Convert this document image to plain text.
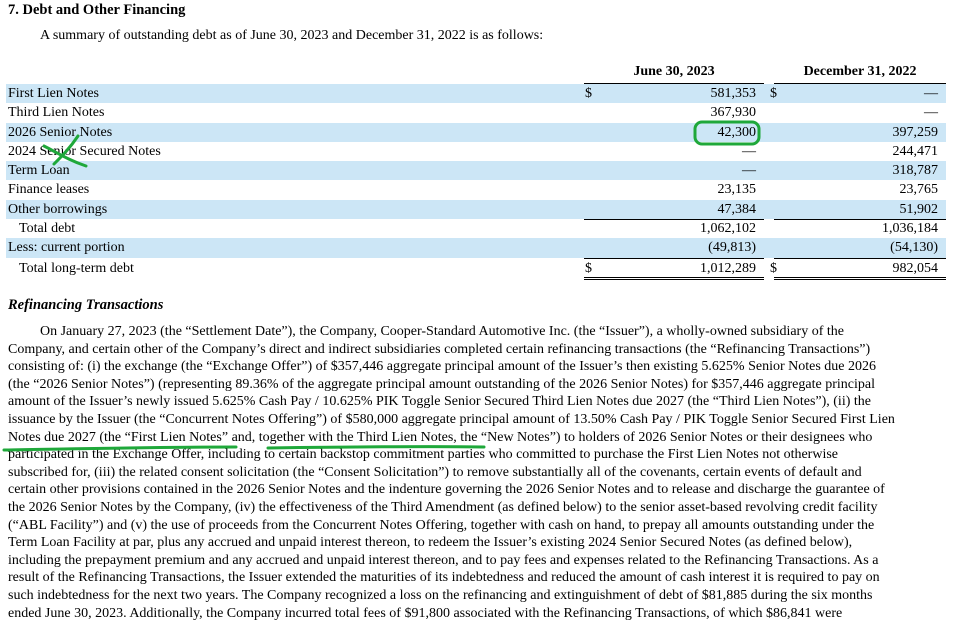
7. Debt and Other Financing
A summary of outstanding debt as of June 30, 2023 and December 31, 2022 is as follows:
June 30, 2023	December 31, 2022
First Lien Notes	$	581,353 $	—
Third Lien Notes	367,930	—
2026 Senior Notes	42,300	397,259
2024 Senior Secured Notes	—	244,471
Term Loan	—	318,787
Finance leases	23,135	23,765
Other borrowings	47,384	51,902
Total debt	1,062,102	1,036,184
Less: current portion	(49,813)	(54,130)
Total long-term debt	$	1,012,289 $	982,054
Refinancing Transactions
On January 27, 2023 (the “Settlement Date”), the Company, Cooper-Standard Automotive Inc. (the “Issuer”), a wholly-owned subsidiary of the
Company, and certain other of the Company’s direct and indirect subsidiaries completed certain refinancing transactions (the “Refinancing Transactions”)
consisting of: (i) the exchange (the “Exchange Offer”) of $357,446 aggregate principal amount of the Issuer’s then existing 5.625% Senior Notes due 2026
(the “2026 Senior Notes”) (representing 89.36% of the aggregate principal amount outstanding of the 2026 Senior Notes) for $357,446 aggregate principal
amount of the Issuer’s newly issued 5.625% Cash Pay / 10.625% PIK Toggle Senior Secured Third Lien Notes due 2027 (the “Third Lien Notes”), (ii) the
issuance by the Issuer (the “Concurrent Notes Offering”) of $580,000 aggregate principal amount of 13.50% Cash Pay / PIK Toggle Senior Secured First Lien
Notes due 2027 (the “First Lien Notes” and, together with the Third Lien Notes, the “New Notes”) to holders of 2026 Senior Notes or their designees who
participated in the Exchange Offer, including to certain backstop commitment parties who committed to purchase the First Lien Notes not otherwise
subscribed for, (iii) the related consent solicitation (the “Consent Solicitation”) to remove substantially all of the covenants, certain events of default and
certain other provisions contained in the 2026 Senior Notes and the indenture governing the 2026 Senior Notes and to release and discharge the guarantee of
the 2026 Senior Notes by the Company, (iv) the effectiveness of the Third Amendment (as defined below) to the senior asset-based revolving credit facility
(“ABL Facility”) and (v) the use of proceeds from the Concurrent Notes Offering, together with cash on hand, to prepay all amounts outstanding under the
Term Loan Facility at par, plus any accrued and unpaid interest thereon, to redeem the Issuer’s existing 2024 Senior Secured Notes (as defined below),
including the prepayment premium and any accrued and unpaid interest thereon, and to pay fees and expenses related to the Refinancing Transactions. As a
result of the Refinancing Transactions, the Issuer extended the maturities of its indebtedness and reduced the amount of cash interest it is required to pay on
such indebtedness for the next two years. The Company recognized a loss on the refinancing and extinguishment of debt of $81,885 during the six months
ended June 30, 2023. Additionally, the Company incurred total fees of $91,800 associated with the Refinancing Transactions, of which $86,841 were
